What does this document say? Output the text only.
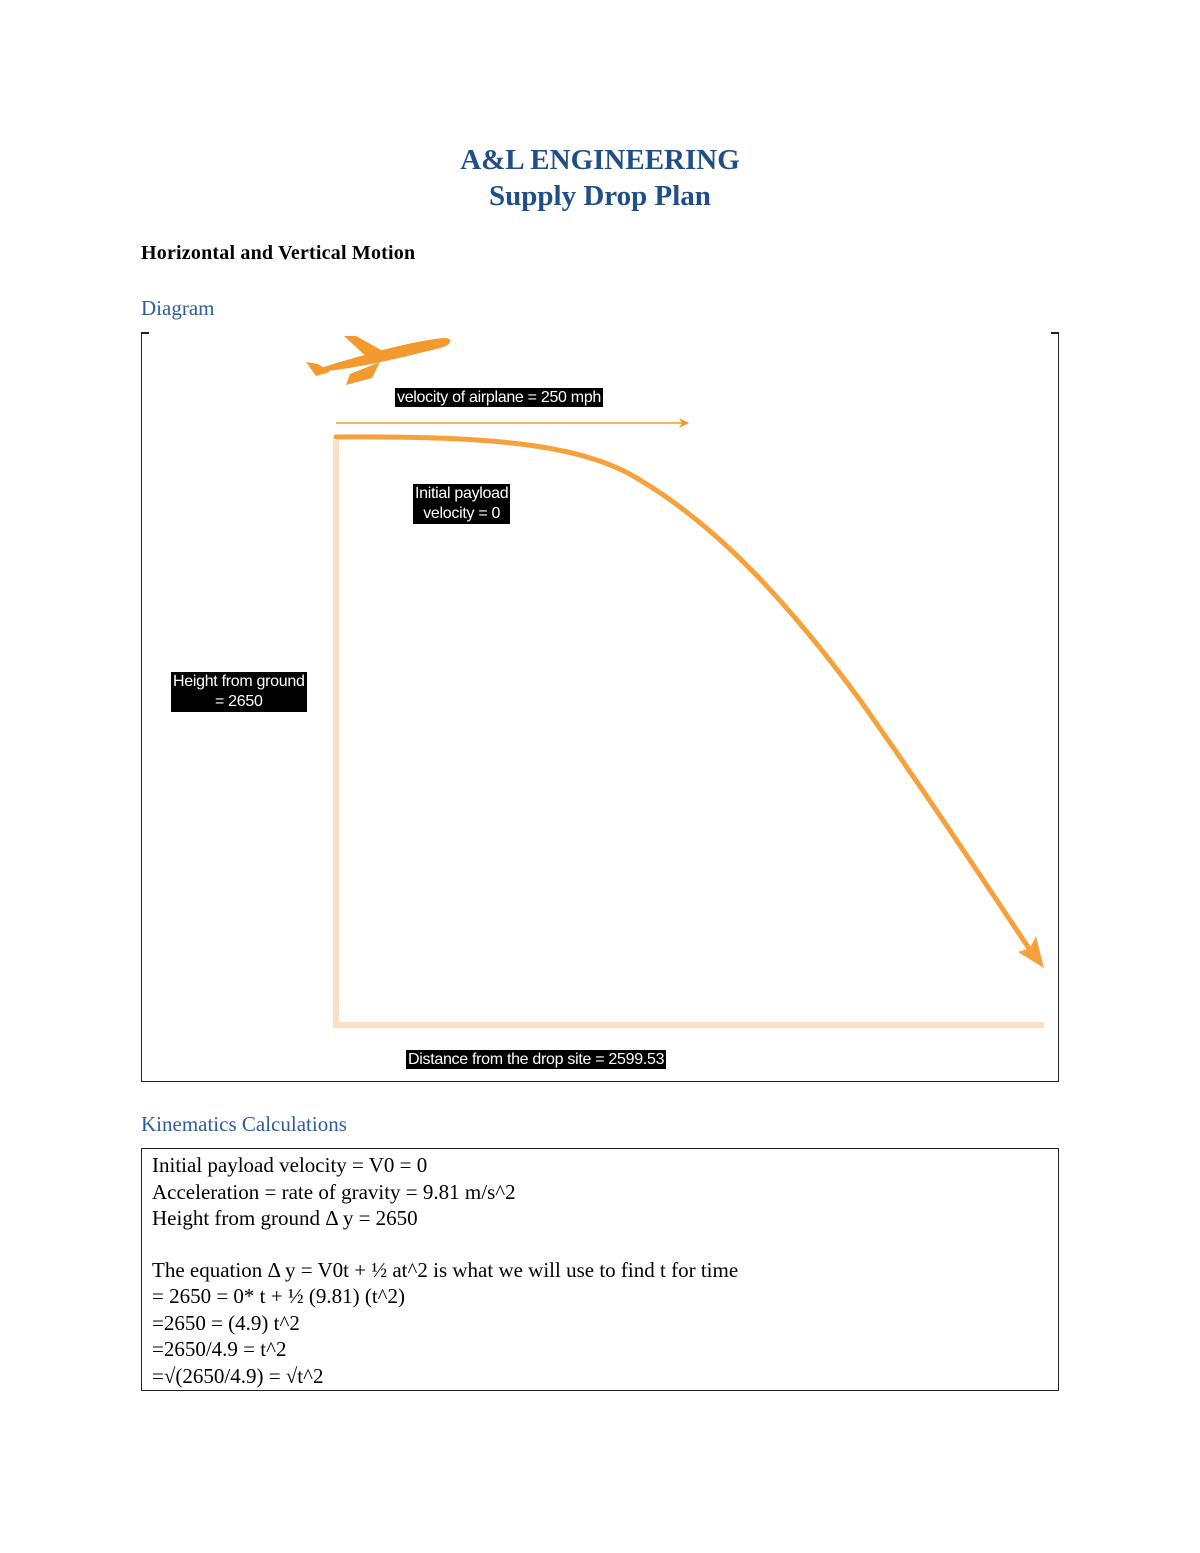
A&L ENGINEERING
Supply Drop Plan
Horizontal and Vertical Motion
Diagram
velocity of airplane = 250 mph
Initial payload
velocity = 0
Height from ground
= 2650
Distance from the drop site = 2599.53
Kinematics Calculations
Initial payload velocity = V0 = 0
Acceleration = rate of gravity = 9.81 m/s^2
Height from ground Δ y = 2650
The equation Δ y = V0t + ½ at^2 is what we will use to find t for time
= 2650 = 0* t + ½ (9.81) (t^2)
=2650 = (4.9) t^2
=2650/4.9 = t^2
=√(2650/4.9) = √t^2
